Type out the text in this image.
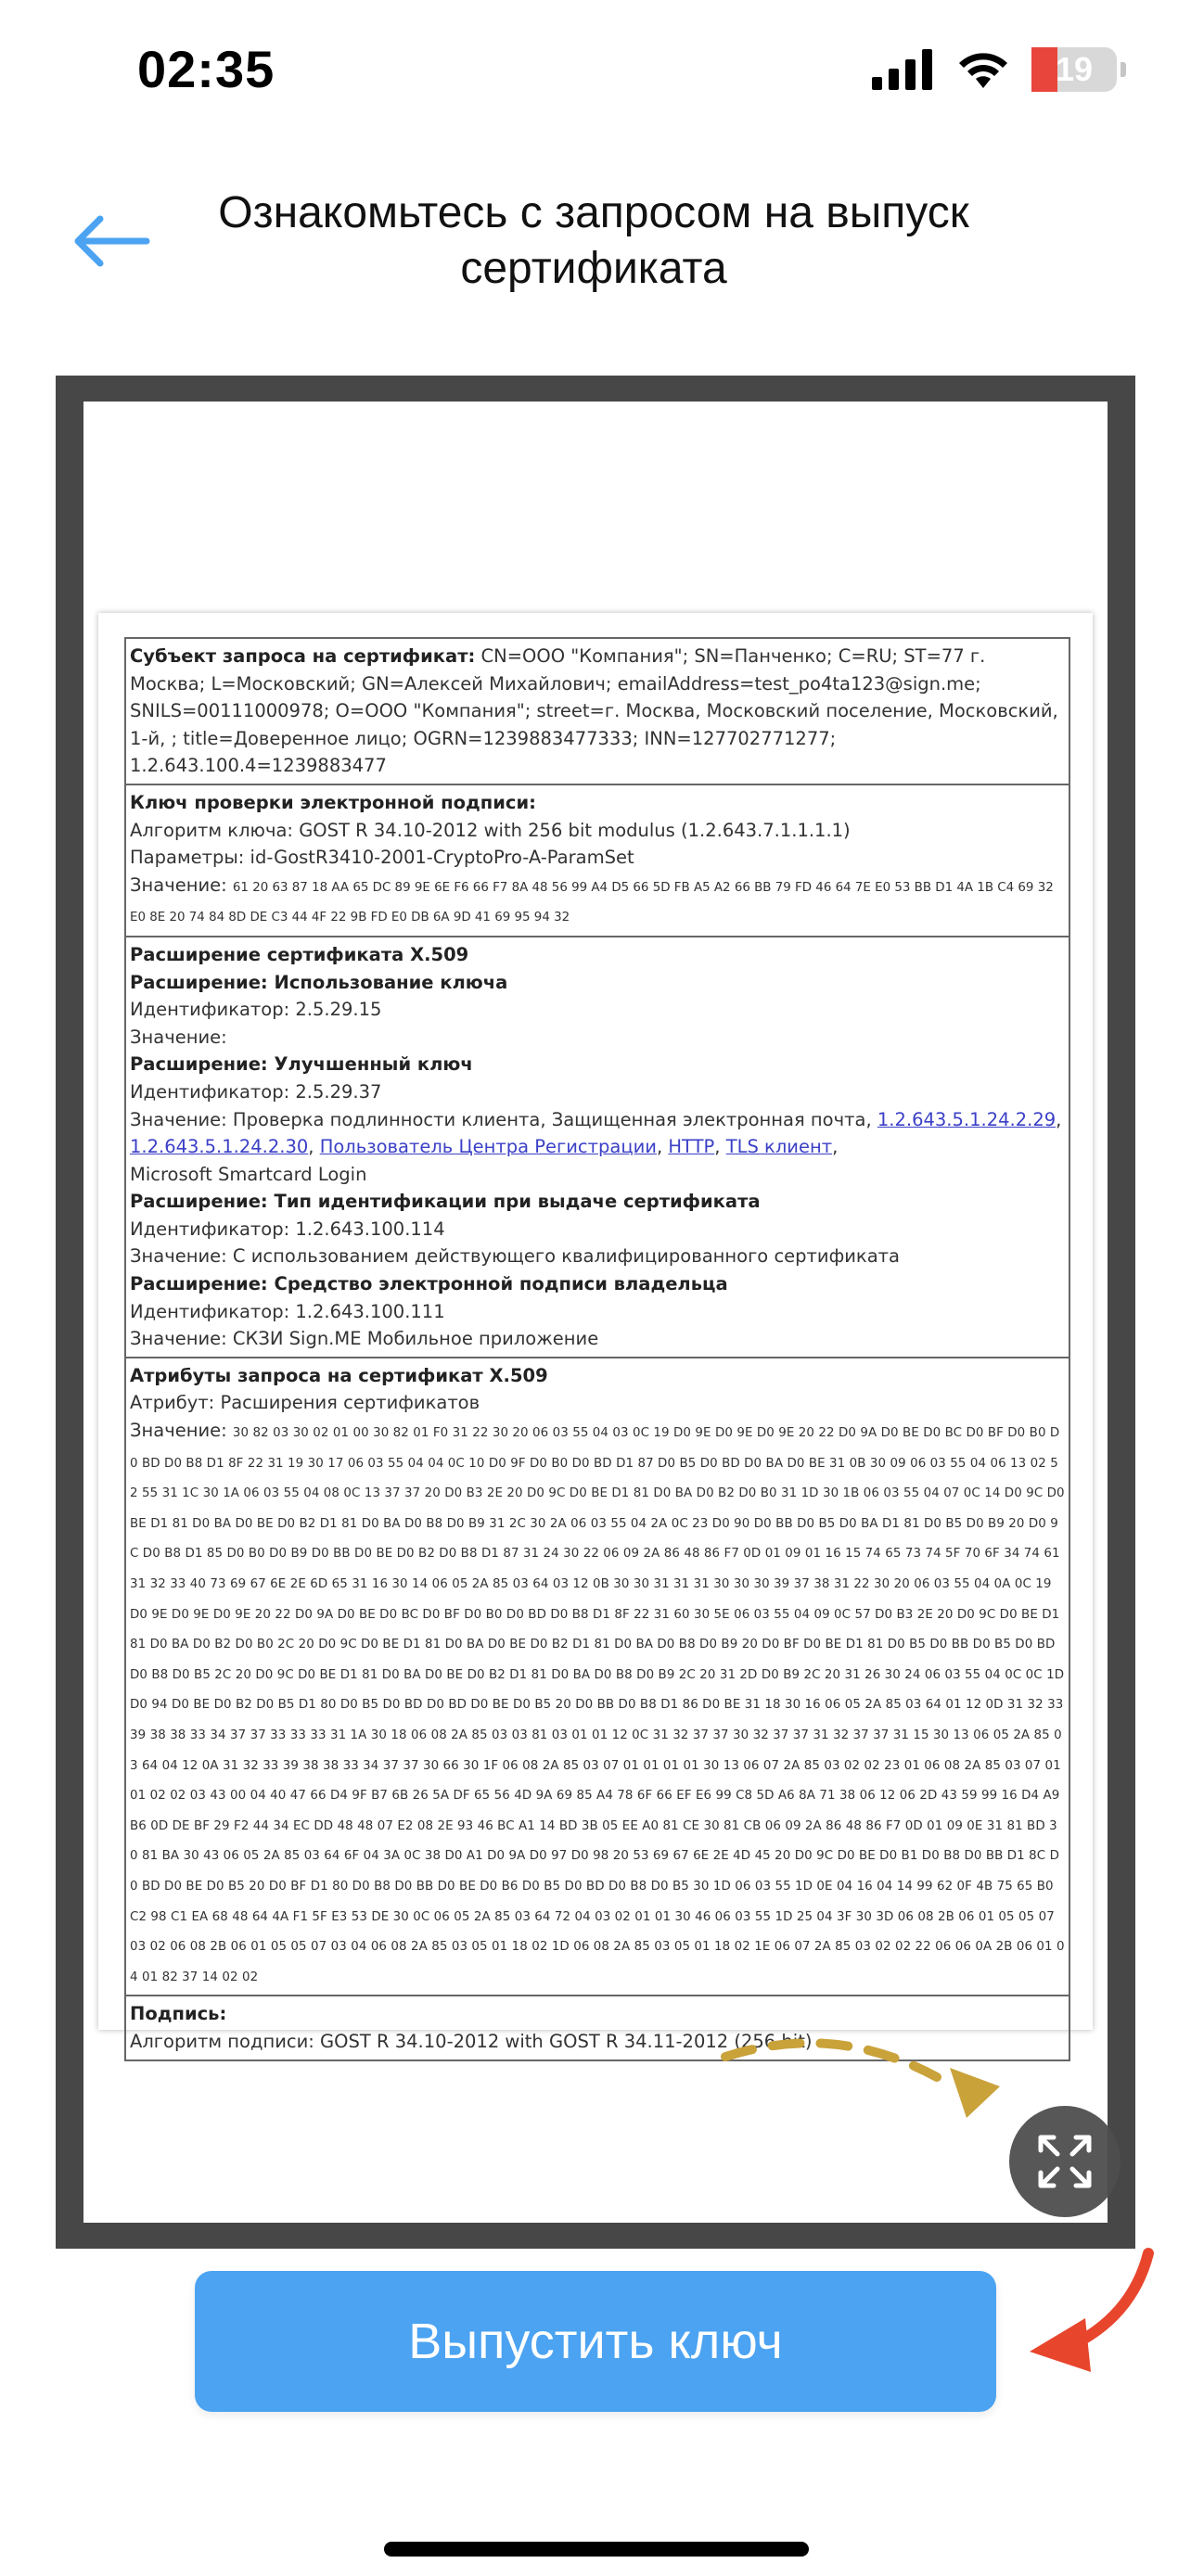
02:35	19
Ознакомьтесь с запросом на выпуск сертификата
Субъект запроса на сертификат: CN=ООО "Компания"; SN=Панченко; C=RU; ST=77 г. Москва; L=Московский; GN=Алексей Михайлович; emailAddress=test_po4ta123@sign.me; SNILS=00111000978; O=ООО "Компания"; street=г. Москва, Московский поселение, Московский, 1-й, ; title=Доверенное лицо; OGRN=1239883477333; INN=127702771277; 1.2.643.100.4=1239883477
Ключ проверки электронной подписи:
Алгоритм ключа: GOST R 34.10-2012 with 256 bit modulus (1.2.643.7.1.1.1.1)
Параметры: id-GostR3410-2001-CryptoPro-A-ParamSet
Значение: 61 20 63 87 18 AA 65 DC 89 9E 6E F6 66 F7 8A 48 56 99 A4 D5 66 5D FB A5 A2 66 BB 79 FD 46 64 7E E0 53 BB D1 4A 1B C4 69 32 E0 8E 20 74 84 8D DE C3 44 4F 22 9B FD E0 DB 6A 9D 41 69 95 94 32
Расширение сертификата X.509
Расширение: Использование ключа
Идентификатор: 2.5.29.15
Значение:
Расширение: Улучшенный ключ
Идентификатор: 2.5.29.37
Значение: Проверка подлинности клиента, Защищенная электронная почта, 1.2.643.5.1.24.2.29, 1.2.643.5.1.24.2.30, Пользователь Центра Регистрации, HTTP, TLS клиент,
Microsoft Smartcard Login
Расширение: Тип идентификации при выдаче сертификата
Идентификатор: 1.2.643.100.114
Значение: С использованием действующего квалифицированного сертификата
Расширение: Средство электронной подписи владельца
Идентификатор: 1.2.643.100.111
Значение: СКЗИ Sign.ME Мобильное приложение
Атрибуты запроса на сертификат X.509
Атрибут: Расширения сертификатов
Значение: 30 82 03 30 02 01 00 30 82 01 F0 31 22 30 20 06 03 55 04 03 0C 19 D0 9E D0 9E D0 9E 20 22 D0 9A D0 BE D0 BC D0 BF D0 B0 D0 BD D0 B8 D1 8F 22 31 19 30 17 06 03 55 04 04 0C 10 D0 9F D0 B0 D0 BD D1 87 D0 B5 D0 BD D0 BA D0 BE 31 0B 30 09 06 03 55 04 06 13 02 52 55 31 1C 30 1A 06 03 55 04 08 0C 13 37 37 20 D0 B3 2E 20 D0 9C D0 BE D1 81 D0 BA D0 B2 D0 B0 31 1D 30 1B 06 03 55 04 07 0C 14 D0 9C D0 BE D1 81 D0 BA D0 BE D0 B2 D1 81 D0 BA D0 B8 D0 B9 31 2C 30 2A 06 03 55 04 2A 0C 23 D0 90 D0 BB D0 B5 D0 BA D1 81 D0 B5 D0 B9 20 D0 9C D0 B8 D1 85 D0 B0 D0 B9 D0 BB D0 BE D0 B2 D0 B8 D1 87 31 24 30 22 06 09 2A 86 48 86 F7 0D 01 09 01 16 15 74 65 73 74 5F 70 6F 34 74 61 31 32 33 40 73 69 67 6E 2E 6D 65 31 16 30 14 06 05 2A 85 03 64 03 12 0B 30 30 31 31 31 30 30 30 39 37 38 31 22 30 20 06 03 55 04 0A 0C 19 D0 9E D0 9E D0 9E 20 22 D0 9A D0 BE D0 BC D0 BF D0 B0 D0 BD D0 B8 D1 8F 22 31 60 30 5E 06 03 55 04 09 0C 57 D0 B3 2E 20 D0 9C D0 BE D1 81 D0 BA D0 B2 D0 B0 2C 20 D0 9C D0 BE D1 81 D0 BA D0 BE D0 B2 D1 81 D0 BA D0 B8 D0 B9 20 D0 BF D0 BE D1 81 D0 B5 D0 BB D0 B5 D0 BD D0 B8 D0 B5 2C 20 D0 9C D0 BE D1 81 D0 BA D0 BE D0 B2 D1 81 D0 BA D0 B8 D0 B9 2C 20 31 2D D0 B9 2C 20 31 26 30 24 06 03 55 04 0C 0C 1D D0 94 D0 BE D0 B2 D0 B5 D1 80 D0 B5 D0 BD D0 BD D0 BE D0 B5 20 D0 BB D0 B8 D1 86 D0 BE 31 18 30 16 06 05 2A 85 03 64 01 12 0D 31 32 33 39 38 38 33 34 37 37 33 33 33 31 1A 30 18 06 08 2A 85 03 03 81 03 01 01 12 0C 31 32 37 37 30 32 37 37 31 32 37 37 31 15 30 13 06 05 2A 85 03 64 04 12 0A 31 32 33 39 38 38 33 34 37 37 30 66 30 1F 06 08 2A 85 03 07 01 01 01 01 30 13 06 07 2A 85 03 02 02 23 01 06 08 2A 85 03 07 01 01 02 02 03 43 00 04 40 47 66 D4 9F B7 6B 26 5A DF 65 56 4D 9A 69 85 A4 78 6F 66 EF E6 99 C8 5D A6 8A 71 38 06 12 06 2D 43 59 99 16 D4 A9 B6 0D DE BF 29 F2 44 34 EC DD 48 48 07 E2 08 2E 93 46 BC A1 14 BD 3B 05 EE A0 81 CE 30 81 CB 06 09 2A 86 48 86 F7 0D 01 09 0E 31 81 BD 30 81 BA 30 43 06 05 2A 85 03 64 6F 04 3A 0C 38 D0 A1 D0 9A D0 97 D0 98 20 53 69 67 6E 2E 4D 45 20 D0 9C D0 BE D0 B1 D0 B8 D0 BB D1 8C D0 BD D0 BE D0 B5 20 D0 BF D1 80 D0 B8 D0 BB D0 BE D0 B6 D0 B5 D0 BD D0 B8 D0 B5 30 1D 06 03 55 1D 0E 04 16 04 14 99 62 0F 4B 75 65 B0 C2 98 C1 EA 68 48 64 4A F1 5F E3 53 DE 30 0C 06 05 2A 85 03 64 72 04 03 02 01 01 30 46 06 03 55 1D 25 04 3F 30 3D 06 08 2B 06 01 05 05 07 03 02 06 08 2B 06 01 05 05 07 03 04 06 08 2A 85 03 05 01 18 02 1D 06 08 2A 85 03 05 01 18 02 1E 06 07 2A 85 03 02 02 22 06 06 0A 2B 06 01 04 01 82 37 14 02 02
Подпись:
Алгоритм подписи: GOST R 34.10-2012 with GOST R 34.11-2012 (256 bit)
Выпустить ключ
